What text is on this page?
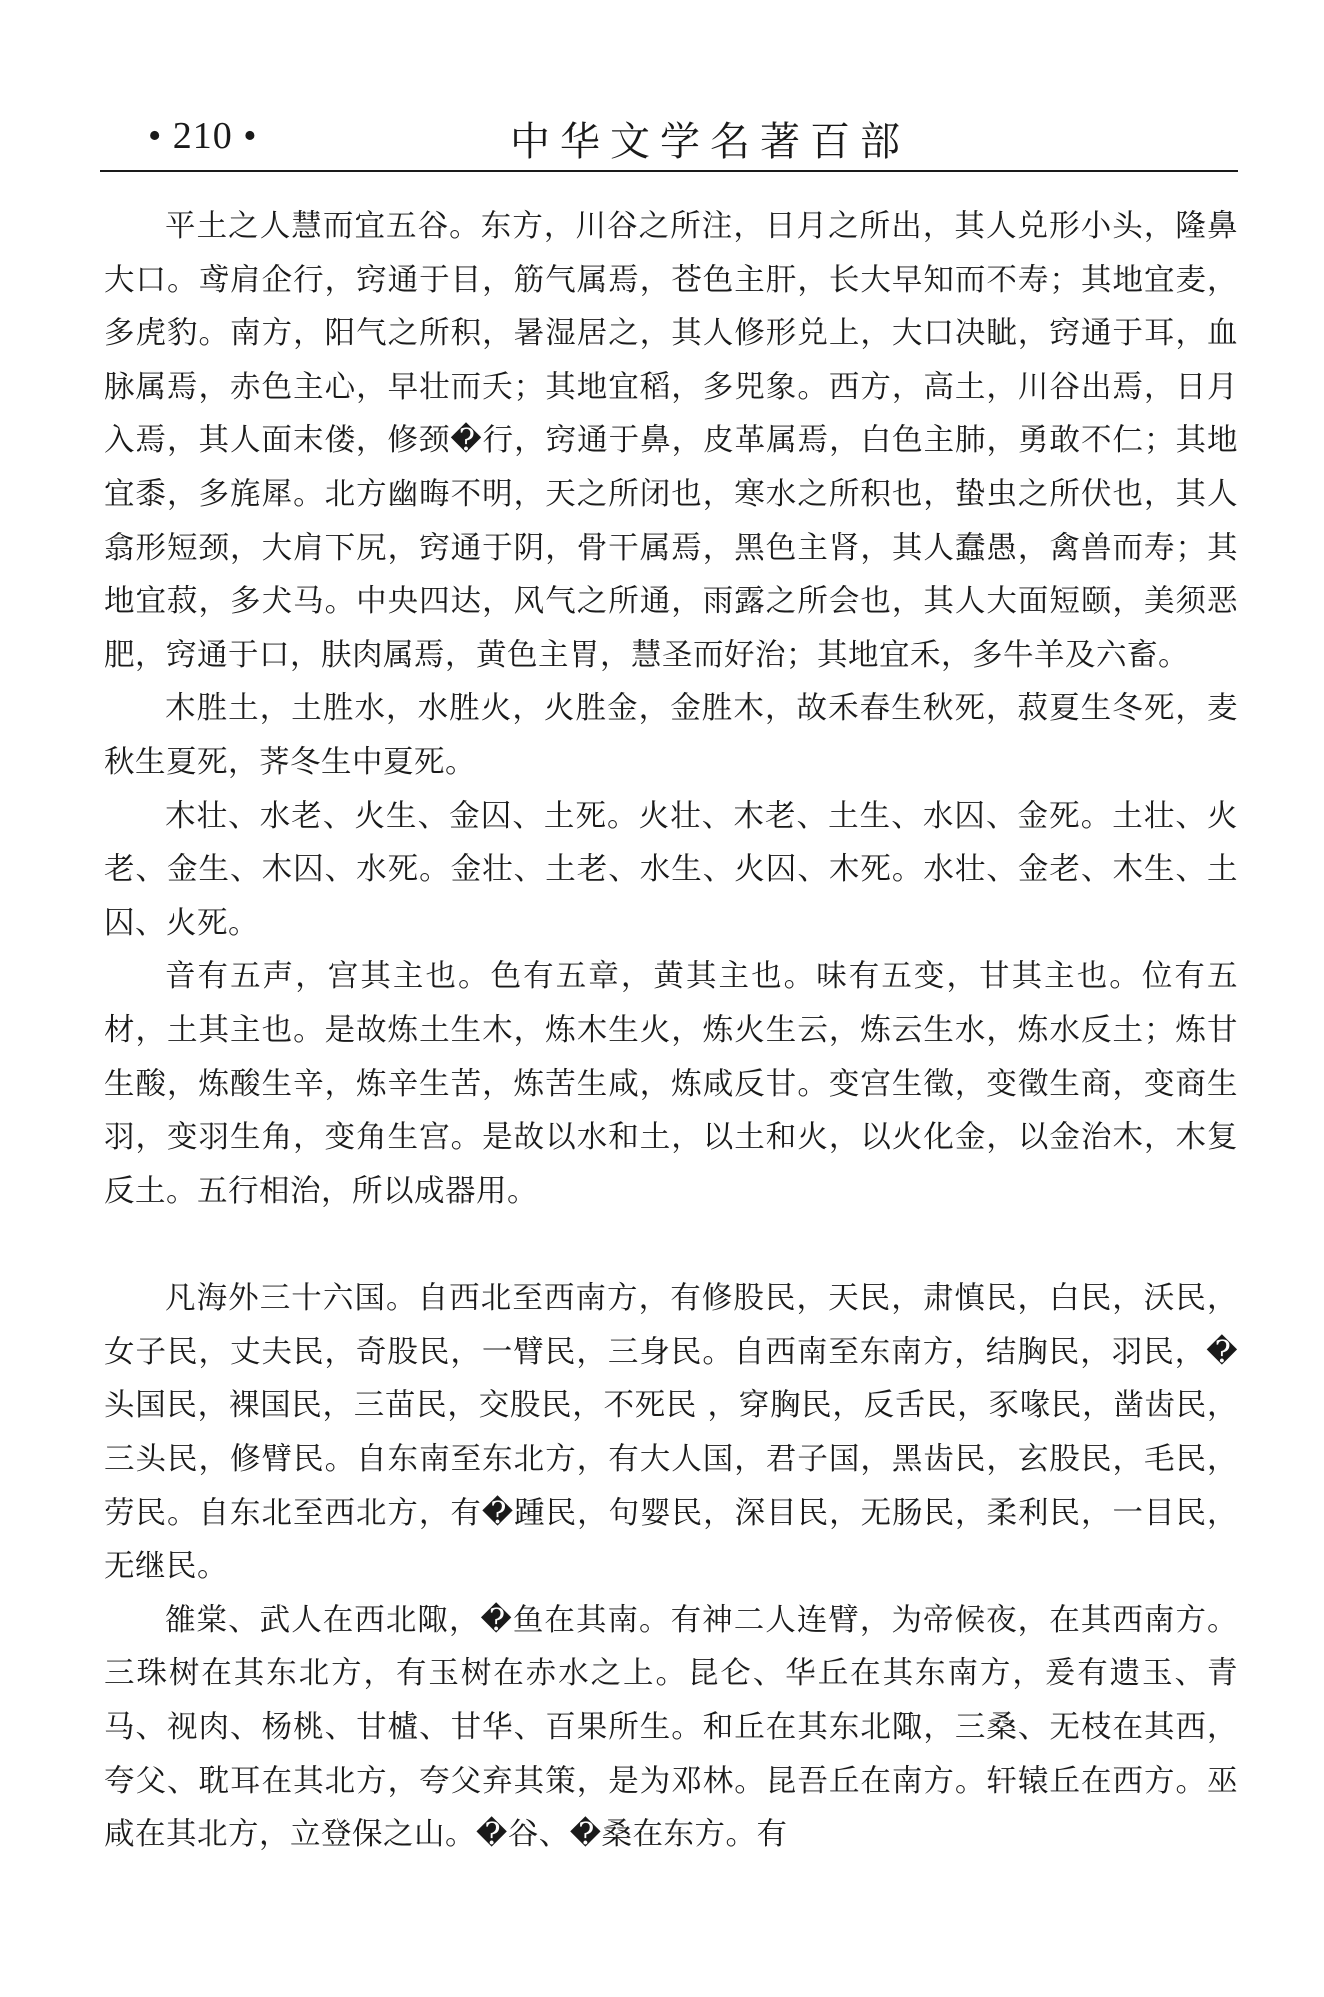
• 210 •	中华文学名著百部

平土之人慧而宜五谷。东方，川谷之所注，日月之所出，其人兑形小头，隆鼻大口。鸢肩企行，窍通于目，筋气属焉，苍色主肝，长大早知而不寿；其地宜麦，多虎豹。南方，阳气之所积，暑湿居之，其人修形兑上，大口决眦，窍通于耳，血脉属焉，赤色主心，早壮而夭；其地宜稻，多兕象。西方，高土，川谷出焉，日月入焉，其人面末偻，修颈�行，窍通于鼻，皮革属焉，白色主肺，勇敢不仁；其地宜黍，多旄犀。北方幽晦不明，天之所闭也，寒水之所积也，蛰虫之所伏也，其人翕形短颈，大肩下尻，窍通于阴，骨干属焉，黑色主肾，其人蠢愚，禽兽而寿；其地宜菽，多犬马。中央四达，风气之所通，雨露之所会也，其人大面短颐，美须恶肥，窍通于口，肤肉属焉，黄色主胃，慧圣而好治；其地宜禾，多牛羊及六畜。

木胜土，土胜水，水胜火，火胜金，金胜木，故禾春生秋死，菽夏生冬死，麦秋生夏死，荠冬生中夏死。

木壮、水老、火生、金囚、土死。火壮、木老、土生、水囚、金死。土壮、火老、金生、木囚、水死。金壮、土老、水生、火囚、木死。水壮、金老、木生、土囚、火死。

音有五声，宫其主也。色有五章，黄其主也。味有五变，甘其主也。位有五材，土其主也。是故炼土生木，炼木生火，炼火生云，炼云生水，炼水反土；炼甘生酸，炼酸生辛，炼辛生苦，炼苦生咸，炼咸反甘。变宫生徵，变徵生商，变商生羽，变羽生角，变角生宫。是故以水和土，以土和火，以火化金，以金治木，木复反土。五行相治，所以成器用。

凡海外三十六国。自西北至西南方，有修股民，天民，肃慎民，白民，沃民，女子民，丈夫民，奇股民，一臂民，三身民。自西南至东南方，结胸民，羽民，�头国民，裸国民，三苗民，交股民，不死民 ，穿胸民，反舌民，豕喙民，凿齿民，三头民，修臂民。自东南至东北方，有大人国，君子国，黑齿民，玄股民，毛民，劳民。自东北至西北方，有�踵民，句婴民，深目民，无肠民，柔利民，一目民，无继民。

雒棠、武人在西北陬，�鱼在其南。有神二人连臂，为帝候夜，在其西南方。三珠树在其东北方，有玉树在赤水之上。昆仑、华丘在其东南方，爰有遗玉、青马、视肉、杨桃、甘樝、甘华、百果所生。和丘在其东北陬，三桑、无枝在其西，夸父、耽耳在其北方，夸父弃其策，是为邓林。昆吾丘在南方。轩辕丘在西方。巫咸在其北方，立登保之山。�谷、�桑在东方。有
